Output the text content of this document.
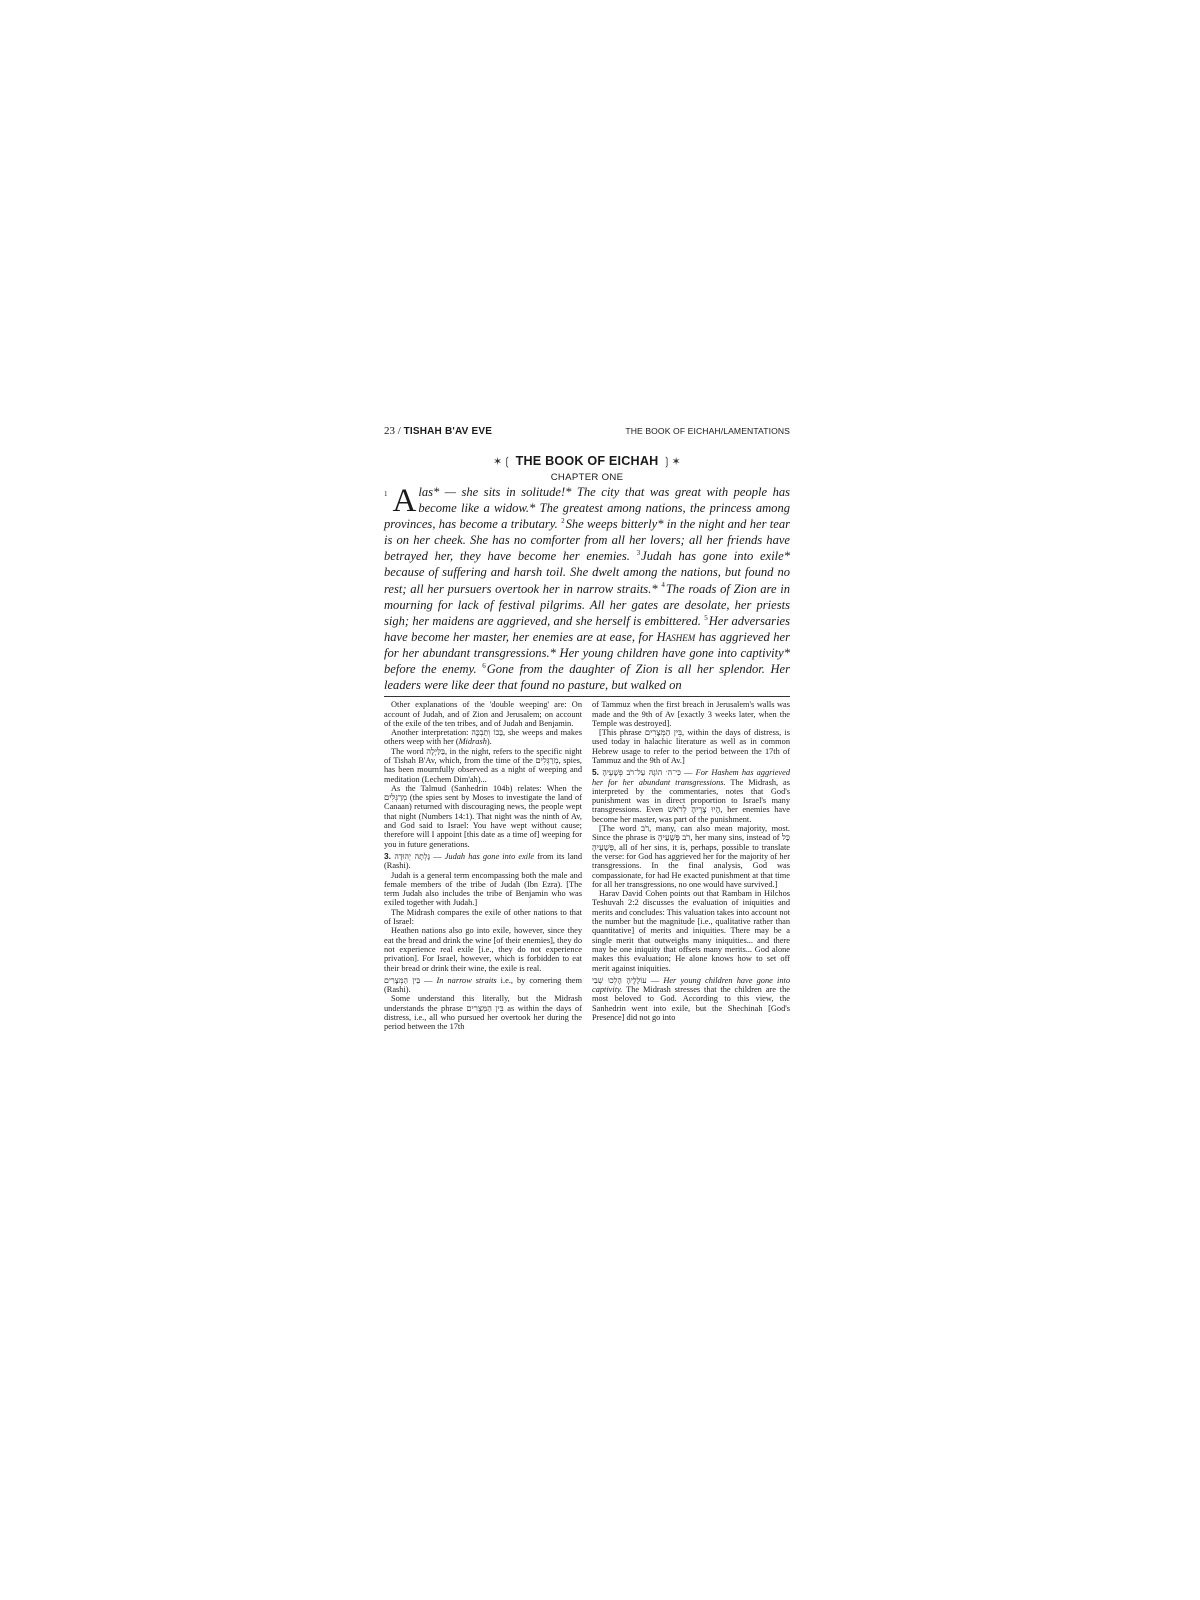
23 / TISHAH B'AV EVE	THE BOOK OF EICHAH/LAMENTATIONS
✶❲ THE BOOK OF EICHAH ❳✶
CHAPTER ONE
1 A las* — she sits in solitude!* The city that was great with people has become like a widow.* The greatest among nations, the princess among provinces, has become a tributary. $^2$She weeps bitterly* in the night and her tear is on her cheek. She has no comforter from all her lovers; all her friends have betrayed her, they have become her enemies. $^3$Judah has gone into exile* because of suffering and harsh toil. She dwelt among the nations, but found no rest; all her pursuers overtook her in narrow straits.* $^4$The roads of Zion are in mourning for lack of festival pilgrims. All her gates are desolate, her priests sigh; her maidens are aggrieved, and she herself is embittered. $^5$Her adversaries have become her master, her enemies are at ease, for Hashem has aggrieved her for her abundant transgressions.* Her young children have gone into captivity* before the enemy. $^6$Gone from the daughter of Zion is all her splendor. Her leaders were like deer that found no pasture, but walked on

Other explanations of the 'double weeping' are: On account of Judah, and of Zion and Jerusalem; on account of the exile of the ten tribes, and of Judah and Benjamin.

Another interpretation: בָּכוֹ וְתַבְכֶּה, she weeps and makes others weep with her (Midrash).

The word בַּלַּיְלָה, in the night, refers to the specific night of Tishah B'Av, which, from the time of the מְרַגְּלִים, spies, has been mournfully observed as a night of weeping and meditation (Lechem Dim'ah)...

As the Talmud (Sanhedrin 104b) relates: When the מְרַגְּלִים (the spies sent by Moses to investigate the land of Canaan) returned with discouraging news, the people wept that night (Numbers 14:1). That night was the ninth of Av, and God said to Israel: You have wept without cause; therefore will I appoint [this date as a time of] weeping for you in future generations.

3. גָּלְתָה יְהוּדָה — Judah has gone into exile from its land (Rashi).

Judah is a general term encompassing both the male and female members of the tribe of Judah (Ibn Ezra). [The term Judah also includes the tribe of Benjamin who was exiled together with Judah.]

The Midrash compares the exile of other nations to that of Israel:

Heathen nations also go into exile, however, since they eat the bread and drink the wine [of their enemies], they do not experience real exile [i.e., they do not experience privation]. For Israel, however, which is forbidden to eat their bread or drink their wine, the exile is real.

בֵּין הַמְּצָרִים — In narrow straits i.e., by cornering them (Rashi).

Some understand this literally, but the Midrash understands the phrase בֵּין הַמְּצָרִים as within the days of distress, i.e., all who pursued her overtook her during the period between the 17th

of Tammuz when the first breach in Jerusalem's walls was made and the 9th of Av [exactly 3 weeks later, when the Temple was destroyed].

[This phrase בֵּין הַמְּצָרִים, within the days of distress, is used today in halachic literature as well as in common Hebrew usage to refer to the period between the 17th of Tammuz and the 9th of Av.]

5. כִּי־ה׳ הוֹגָהּ עַל־רֹב פְּשָׁעֶיהָ — For Hashem has aggrieved her for her abundant transgressions. The Midrash, as interpreted by the commentaries, notes that God's punishment was in direct proportion to Israel's many transgressions. Even הָיוּ צָרֶיהָ לְרֹאשׁ, her enemies have become her master, was part of the punishment.

[The word רֹב, many, can also mean majority, most. Since the phrase is רֹב פְּשָׁעֶיהָ, her many sins, instead of כָּל פְּשָׁעֶיהָ, all of her sins, it is, perhaps, possible to translate the verse: for God has aggrieved her for the majority of her transgressions. In the final analysis, God was compassionate, for had He exacted punishment at that time for all her transgressions, no one would have survived.]

Harav David Cohen points out that Rambam in Hilchos Teshuvah 2:2 discusses the evaluation of iniquities and merits and concludes: This valuation takes into account not the number but the magnitude [i.e., qualitative rather than quantitative] of merits and iniquities. There may be a single merit that outweighs many iniquities... and there may be one iniquity that offsets many merits... God alone makes this evaluation; He alone knows how to set off merit against iniquities.

עוֹלָלֶיהָ הָלְכוּ שְׁבִי — Her young children have gone into captivity. The Midrash stresses that the children are the most beloved to God. According to this view, the Sanhedrin went into exile, but the Shechinah [God's Presence] did not go into
